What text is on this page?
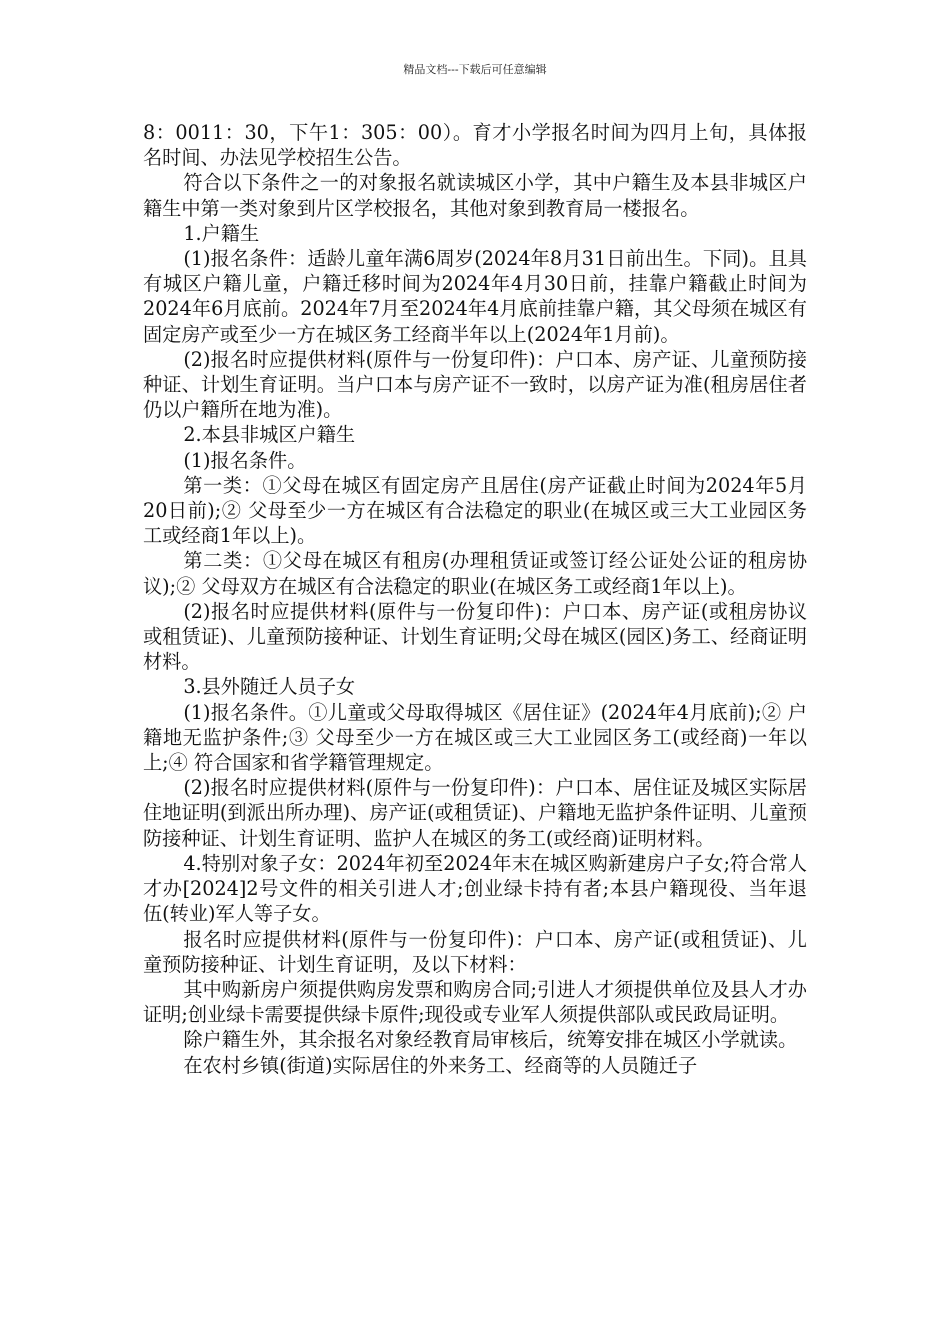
精品文档---下载后可任意编辑

8：0011：30，下午1：305：00）。育才小学报名时间为四月上旬，具体报名时间、办法见学校招生公告。

符合以下条件之一的对象报名就读城区小学，其中户籍生及本县非城区户籍生中第一类对象到片区学校报名，其他对象到教育局一楼报名。

1.户籍生

(1)报名条件：适龄儿童年满6周岁(2024年8月31日前出生。下同)。且具有城区户籍儿童，户籍迁移时间为2024年4月30日前，挂靠户籍截止时间为2024年6月底前。2024年7月至2024年4月底前挂靠户籍，其父母须在城区有固定房产或至少一方在城区务工经商半年以上(2024年1月前)。

(2)报名时应提供材料(原件与一份复印件)：户口本、房产证、儿童预防接种证、计划生育证明。当户口本与房产证不一致时，以房产证为准(租房居住者仍以户籍所在地为准)。

2.本县非城区户籍生

(1)报名条件。

第一类：①父母在城区有固定房产且居住(房产证截止时间为2024年5月20日前);② 父母至少一方在城区有合法稳定的职业(在城区或三大工业园区务工或经商1年以上)。

第二类：①父母在城区有租房(办理租赁证或签订经公证处公证的租房协议);② 父母双方在城区有合法稳定的职业(在城区务工或经商1年以上)。

(2)报名时应提供材料(原件与一份复印件)：户口本、房产证(或租房协议或租赁证)、儿童预防接种证、计划生育证明;父母在城区(园区)务工、经商证明材料。

3.县外随迁人员子女

(1)报名条件。①儿童或父母取得城区《居住证》(2024年4月底前);② 户籍地无监护条件;③ 父母至少一方在城区或三大工业园区务工(或经商)一年以上;④ 符合国家和省学籍管理规定。

(2)报名时应提供材料(原件与一份复印件)：户口本、居住证及城区实际居住地证明(到派出所办理)、房产证(或租赁证)、户籍地无监护条件证明、儿童预防接种证、计划生育证明、监护人在城区的务工(或经商)证明材料。

4.特别对象子女：2024年初至2024年末在城区购新建房户子女;符合常人才办[2024]2号文件的相关引进人才;创业绿卡持有者;本县户籍现役、当年退伍(转业)军人等子女。

报名时应提供材料(原件与一份复印件)：户口本、房产证(或租赁证)、儿童预防接种证、计划生育证明，及以下材料：

其中购新房户须提供购房发票和购房合同;引进人才须提供单位及县人才办证明;创业绿卡需要提供绿卡原件;现役或专业军人须提供部队或民政局证明。

除户籍生外，其余报名对象经教育局审核后，统筹安排在城区小学就读。

在农村乡镇(街道)实际居住的外来务工、经商等的人员随迁子
